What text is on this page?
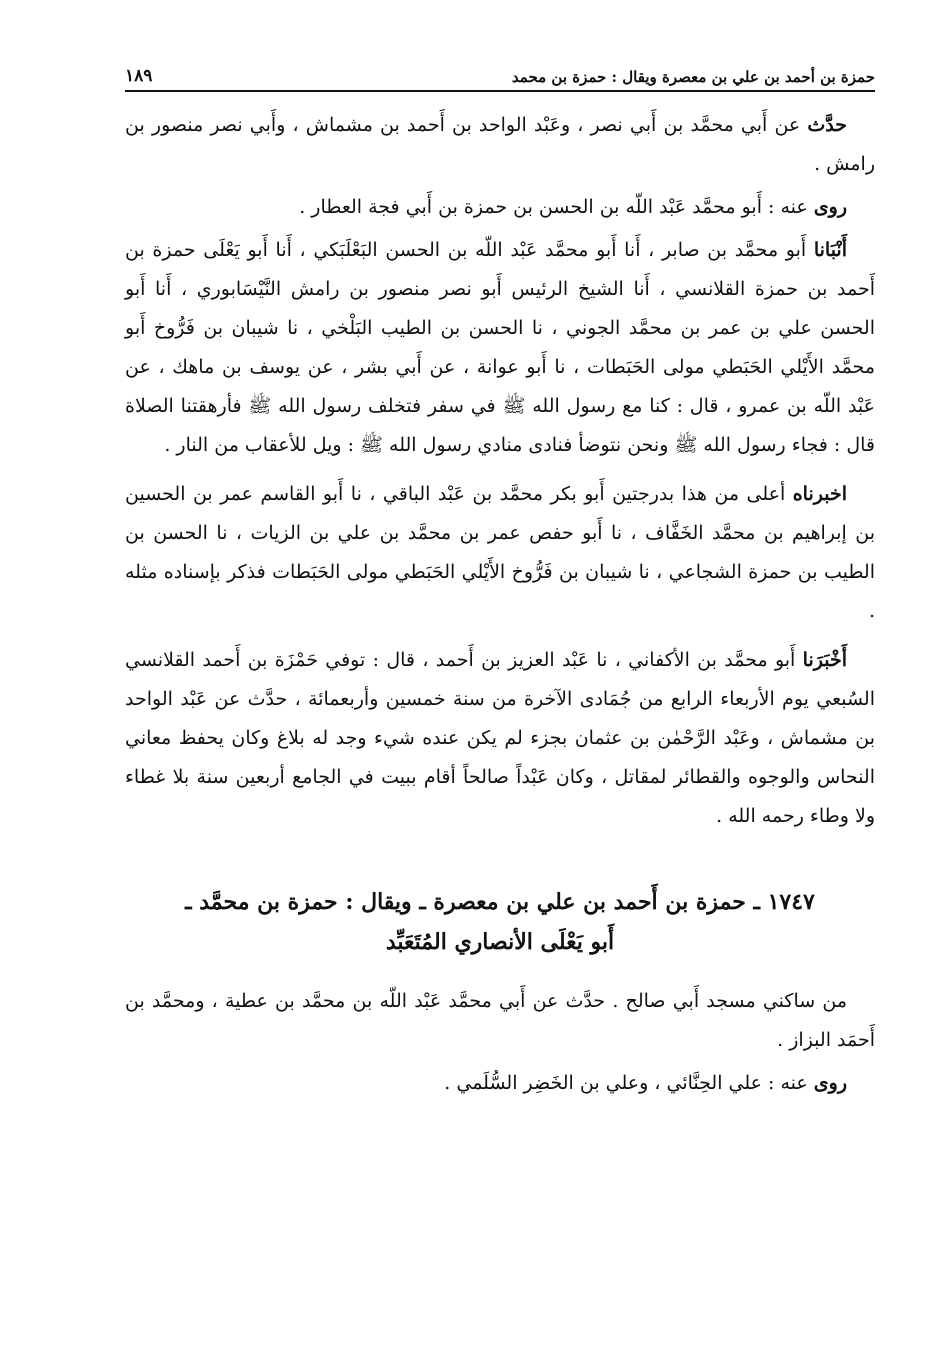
حمزة بن أحمد بن علي بن معصرة ويقال : حمزة بن محمد
١٨٩

حدَّث عن أَبي محمَّد بن أَبي نصر ، وعَبْد الواحد بن أَحمد بن مشماش ، وأَبي نصر منصور بن رامش .

روى عنه : أَبو محمَّد عَبْد اللّه بن الحسن بن حمزة بن أَبي فجة العطار .

أَنْبَانا أَبو محمَّد بن صابر ، أَنا أَبو محمَّد عَبْد اللّه بن الحسن البَعْلَبَكي ، أَنا أَبو يَعْلَى حمزة بن أَحمد بن حمزة القلانسي ، أَنا الشيخ الرئيس أَبو نصر منصور بن رامش النَّيْسَابوري ، أَنا أَبو الحسن علي بن عمر بن محمَّد الجوني ، نا الحسن بن الطيب البَلْخي ، نا شيبان بن فَرُّوخ أَبو محمَّد الأَيْلي الحَبَطي مولى الحَبَطات ، نا أَبو عوانة ، عن أَبي بشر ، عن يوسف بن ماهك ، عن عَبْد اللّه بن عمرو ، قال : كنا مع رسول الله ﷺ في سفر فتخلف رسول الله ﷺ فأرهقتنا الصلاة قال : فجاء رسول الله ﷺ ونحن نتوضأ فنادى منادي رسول الله ﷺ : ويل للأعقاب من النار .

اخبرناه أعلى من هذا بدرجتين أَبو بكر محمَّد بن عَبْد الباقي ، نا أَبو القاسم عمر بن الحسين بن إبراهيم بن محمَّد الخَفَّاف ، نا أَبو حفص عمر بن محمَّد بن علي بن الزيات ، نا الحسن بن الطيب بن حمزة الشجاعي ، نا شيبان بن فَرُّوخ الأَيْلي الحَبَطي مولى الحَبَطات فذكر بإسناده مثله .

أَخْبَرَنا أَبو محمَّد بن الأكفاني ، نا عَبْد العزيز بن أَحمد ، قال : توفي حَمْزَة بن أَحمد القلانسي السُبعي يوم الأربعاء الرابع من جُمَادى الآخرة من سنة خمسين وأربعمائة ، حدَّث عن عَبْد الواحد بن مشماش ، وعَبْد الرَّحْمٰن بن عثمان بجزء لم يكن عنده شيء وجد له بلاغ وكان يحفظ معاني النحاس والوجوه والقطائر لمقاتل ، وكان عَبْداً صالحاً أقام ببيت في الجامع أربعين سنة بلا غطاء ولا وطاء رحمه الله .

١٧٤٧ ـ حمزة بن أَحمد بن علي بن معصرة ـ ويقال : حمزة بن محمَّد ـ
أَبو يَعْلَى الأنصاري المُتَعَبِّد

من ساكني مسجد أَبي صالح . حدَّث عن أَبي محمَّد عَبْد اللّه بن محمَّد بن عطية ، ومحمَّد بن أَحمَد البزاز .

روى عنه : علي الحِنَّائي ، وعلي بن الخَضِر السُّلَمي .
